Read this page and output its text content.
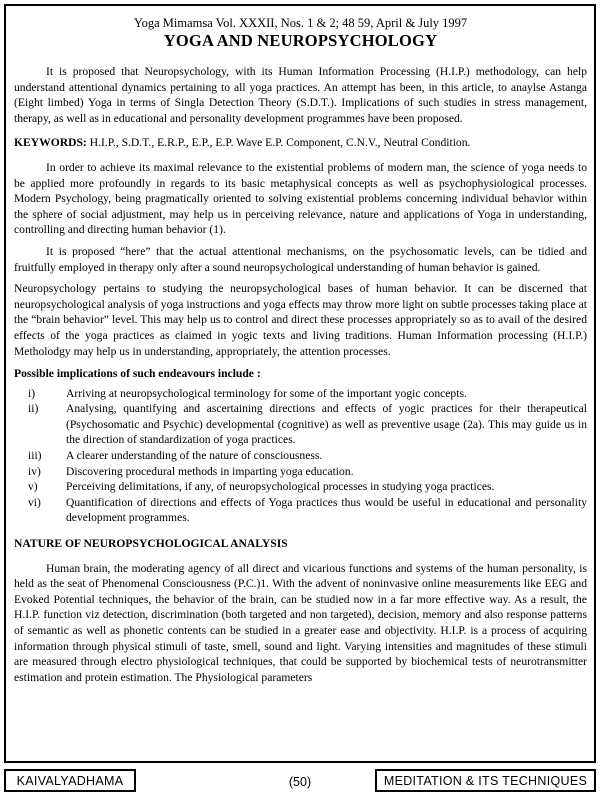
Yoga Mimamsa Vol. XXXII, Nos. 1 & 2; 48 59, April & July 1997

YOGA AND NEUROPSYCHOLOGY

It is proposed that Neuropsychology, with its Human Information Processing (H.I.P.) methodology, can help understand attentional dynamics pertaining to all yoga practices. An attempt has been, in this article, to anaylse Astanga (Eight limbed) Yoga in terms of Singla Detection Theory (S.D.T.). Implications of such studies in stress management, therapy, as well as in educational and personality development programmes have been proposed.

KEYWORDS: H.I.P., S.D.T., E.R.P., E.P., E.P. Wave E.P. Component, C.N.V., Neutral Condition.

In order to achieve its maximal relevance to the existential problems of modern man, the science of yoga needs to be applied more profoundly in regards to its basic metaphysical concepts as well as psychophysiological processes. Modern Psychology, being pragmatically oriented to solving existential problems concerning individual behavior within the sphere of social adjustment, may help us in perceiving relevance, nature and applications of Yoga in understanding, controlling and directing human behavior (1).

It is proposed “here” that the actual attentional mechanisms, on the psychosomatic levels, can be tidied and fruitfully employed in therapy only after a sound neuropsychological understanding of human behavior is gained.

Neuropsychology pertains to studying the neuropsychological bases of human behavior. It can be discerned that neuropsychological analysis of yoga instructions and yoga effects may throw more light on subtle processes taking place at the “brain behavior” level. This may help us to control and direct these processes appropriately so as to avail of the desired effects of the yoga practices as claimed in yogic texts and living traditions. Human Information processing (H.I.P.) Metholodgy may help us in understanding, appropriately, the attention processes.

Possible implications of such endeavours include :
i)	Arriving at neuropsychological terminology for some of the important yogic concepts.
ii)	Analysing, quantifying and ascertaining directions and effects of yogic practices for their therapeutical (Psychosomatic and Psychic) developmental (cognitive) as well as preventive usage (2a). This may guide us in the direction of standardization of yoga practices.
iii)	A clearer understanding of the nature of consciousness.
iv)	Discovering procedural methods in imparting yoga education.
v)	Perceiving delimitations, if any, of neuropsychological processes in studying yoga practices.
vi)	Quantification of directions and effects of Yoga practices thus would be useful in educational and personality development programmes.
NATURE OF NEUROPSYCHOLOGICAL ANALYSIS

Human brain, the moderating agency of all direct and vicarious functions and systems of the human personality, is held as the seat of Phenomenal Consciousness (P.C.)1. With the advent of noninvasive online measurements like EEG and Evoked Potential techniques, the behavior of the brain, can be studied now in a far more effective way. As a result, the H.I.P. function viz detection, discrimination (both targeted and non targeted), decision, memory and also response patterns of semantic as well as phonetic contents can be studied in a greater ease and objectivity. H.I.P. is a process of acquiring information through physical stimuli of taste, smell, sound and light. Varying intensities and magnitudes of these stimuli are measured through electro physiological techniques, that could be supported by biochemical tests of neurotransmitter estimation and protein estimation. The Physiological parameters

KAIVALYADHAMA	(50)	MEDITATION & ITS TECHNIQUES
